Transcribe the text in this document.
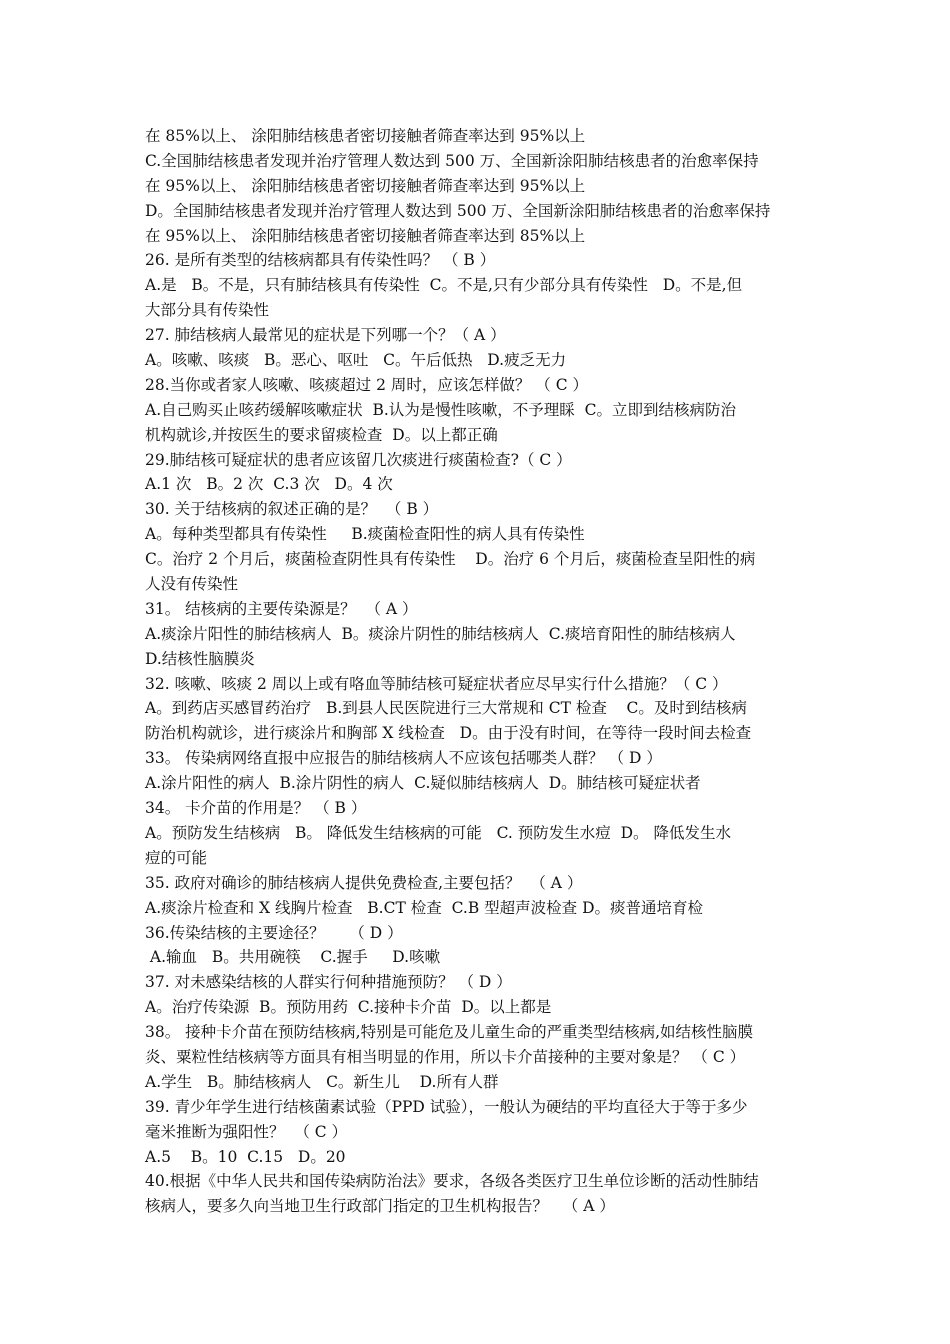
在 85%以上、 涂阳肺结核患者密切接触者筛查率达到 95%以上
C.全国肺结核患者发现并治疗管理人数达到 500 万、全国新涂阳肺结核患者的治愈率保持
在 95%以上、 涂阳肺结核患者密切接触者筛查率达到 95%以上
D。全国肺结核患者发现并治疗管理人数达到 500 万、全国新涂阳肺结核患者的治愈率保持
在 95%以上、 涂阳肺结核患者密切接触者筛查率达到 85%以上
26. 是所有类型的结核病都具有传染性吗？ （ B ）
A.是   B。不是，只有肺结核具有传染性  C。不是,只有少部分具有传染性   D。不是,但
大部分具有传染性
27. 肺结核病人最常见的症状是下列哪一个？（ A ）
A。咳嗽、咳痰   B。恶心、呕吐   C。午后低热   D.疲乏无力
28.当你或者家人咳嗽、咳痰超过 2 周时，应该怎样做？ （ C ）
A.自己购买止咳药缓解咳嗽症状  B.认为是慢性咳嗽，不予理睬  C。立即到结核病防治
机构就诊,并按医生的要求留痰检查  D。以上都正确
29.肺结核可疑症状的患者应该留几次痰进行痰菌检查?（ C ）
A.1 次   B。2 次  C.3 次   D。4 次
30. 关于结核病的叙述正确的是？  （ B ）
A。每种类型都具有传染性     B.痰菌检查阳性的病人具有传染性
C。治疗 2 个月后，痰菌检查阴性具有传染性    D。治疗 6 个月后，痰菌检查呈阳性的病
人没有传染性
31。 结核病的主要传染源是？  （ A ）
A.痰涂片阳性的肺结核病人  B。痰涂片阴性的肺结核病人  C.痰培育阳性的肺结核病人
D.结核性脑膜炎
32. 咳嗽、咳痰 2 周以上或有咯血等肺结核可疑症状者应尽早实行什么措施？（ C ）
A。到药店买感冒药治疗   B.到县人民医院进行三大常规和 CT 检查    C。及时到结核病
防治机构就诊，进行痰涂片和胸部 X 线检查   D。由于没有时间，在等待一段时间去检查
33。 传染病网络直报中应报告的肺结核病人不应该包括哪类人群？ （ D ）
A.涂片阳性的病人  B.涂片阴性的病人  C.疑似肺结核病人  D。肺结核可疑症状者
34。 卡介苗的作用是？ （ B ）
A。预防发生结核病   B。 降低发生结核病的可能   C. 预防发生水痘  D。 降低发生水
痘的可能
35. 政府对确诊的肺结核病人提供免费检查,主要包括？  （ A ）
A.痰涂片检查和 X 线胸片检查   B.CT 检查  C.B 型超声波检查 D。痰普通培育检
36.传染结核的主要途径？     （ D ）
A.输血   B。共用碗筷    C.握手     D.咳嗽
37. 对未感染结核的人群实行何种措施预防？ （ D ）
A。治疗传染源  B。预防用药  C.接种卡介苗  D。以上都是
38。 接种卡介苗在预防结核病,特别是可能危及儿童生命的严重类型结核病,如结核性脑膜
炎、粟粒性结核病等方面具有相当明显的作用，所以卡介苗接种的主要对象是？ （ C ）
A.学生   B。肺结核病人   C。新生儿    D.所有人群
39. 青少年学生进行结核菌素试验（PPD 试验），一般认为硬结的平均直径大于等于多少
毫米推断为强阳性？  （ C ）
A.5    B。10  C.15   D。20
40.根据《中华人民共和国传染病防治法》要求，各级各类医疗卫生单位诊断的活动性肺结
核病人，要多久向当地卫生行政部门指定的卫生机构报告？   （ A ）
